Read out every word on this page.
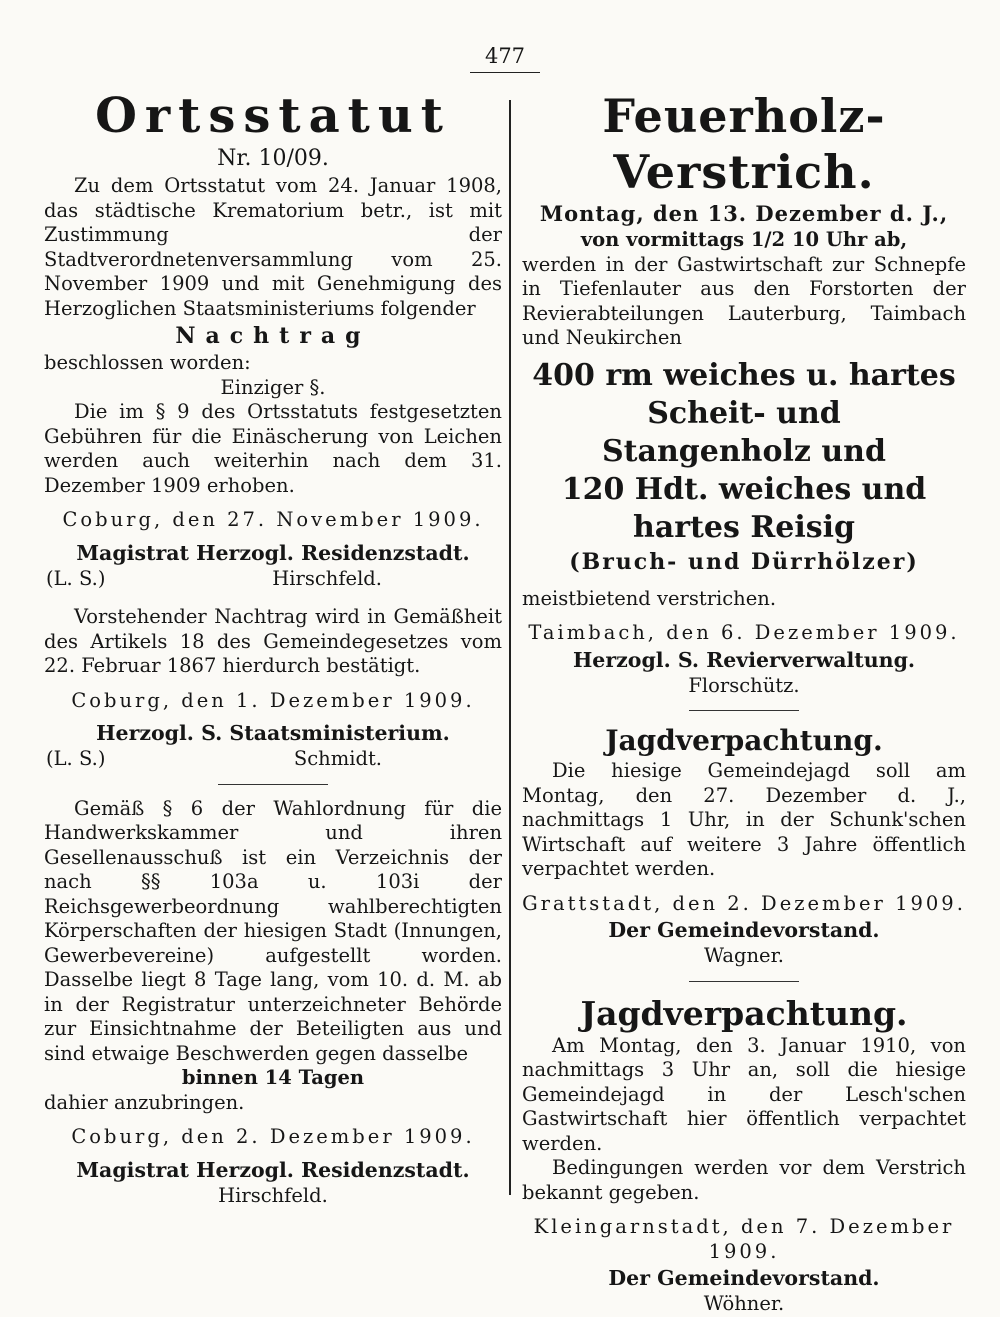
477

Ortsstatut

Nr. 10/09.

Zu dem Ortsstatut vom 24. Januar 1908, das städtische Krematorium betr., ist mit Zustimmung der Stadtverordnetenversammlung vom 25. November 1909 und mit Genehmigung des Herzoglichen Staatsministeriums folgender

Nachtrag

beschlossen worden:

Einziger §.

Die im § 9 des Ortsstatuts festgesetzten Gebühren für die Einäscherung von Leichen werden auch weiterhin nach dem 31. Dezember 1909 erhoben.

Coburg, den 27. November 1909.

Magistrat Herzogl. Residenzstadt.

(L. S.)	Hirschfeld.

Vorstehender Nachtrag wird in Gemäßheit des Artikels 18 des Gemeindegesetzes vom 22. Februar 1867 hierdurch bestätigt.

Coburg, den 1. Dezember 1909.

Herzogl. S. Staatsministerium.

(L. S.)	Schmidt.

Gemäß § 6 der Wahlordnung für die Handwerkskammer und ihren Gesellenausschuß ist ein Verzeichnis der nach §§ 103a u. 103i der Reichsgewerbeordnung wahlberechtigten Körperschaften der hiesigen Stadt (Innungen, Gewerbevereine) aufgestellt worden. Dasselbe liegt 8 Tage lang, vom 10. d. M. ab in der Registratur unterzeichneter Behörde zur Einsichtnahme der Beteiligten aus und sind etwaige Beschwerden gegen dasselbe

binnen 14 Tagen

dahier anzubringen.

Coburg, den 2. Dezember 1909.

Magistrat Herzogl. Residenzstadt.

Hirschfeld.

Feuerholz-Verstrich.

Montag, den 13. Dezember d. J.,

von vormittags 1/2 10 Uhr ab,

werden in der Gastwirtschaft zur Schnepfe in Tiefenlauter aus den Forstorten der Revierabteilungen Lauterburg, Taimbach und Neukirchen

400 rm weiches u. hartes Scheit- und

Stangenholz und

120 Hdt. weiches und hartes Reisig

(Bruch- und Dürrhölzer)

meistbietend verstrichen.

Taimbach, den 6. Dezember 1909.

Herzogl. S. Revierverwaltung.

Florschütz.

Jagdverpachtung.

Die hiesige Gemeindejagd soll am Montag, den 27. Dezember d. J., nachmittags 1 Uhr, in der Schunk'schen Wirtschaft auf weitere 3 Jahre öffentlich verpachtet werden.

Grattstadt, den 2. Dezember 1909.

Der Gemeindevorstand.

Wagner.

Jagdverpachtung.

Am Montag, den 3. Januar 1910, von nachmittags 3 Uhr an, soll die hiesige Gemeindejagd in der Lesch'schen Gastwirtschaft hier öffentlich verpachtet werden.

Bedingungen werden vor dem Verstrich bekannt gegeben.

Kleingarnstadt, den 7. Dezember 1909.

Der Gemeindevorstand.

Wöhner.
